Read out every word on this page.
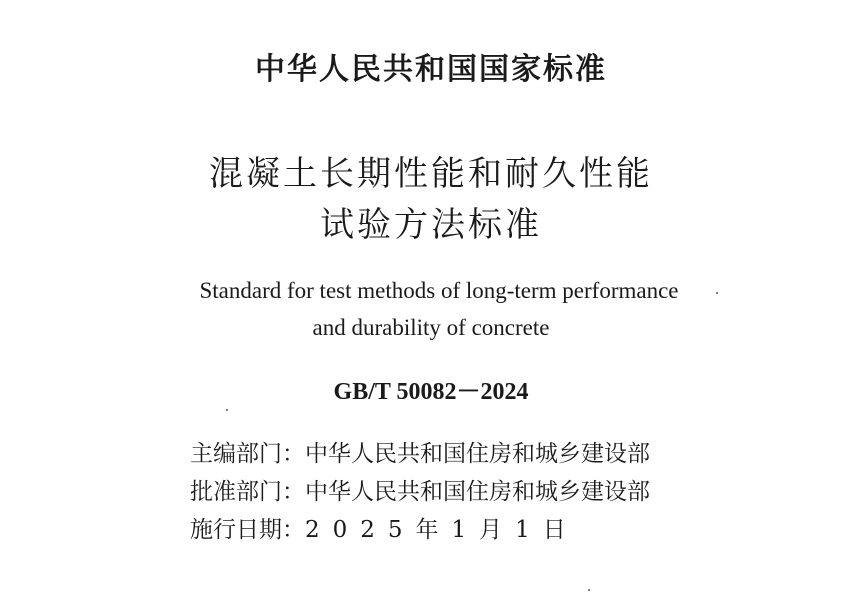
中华人民共和国国家标准
混凝土长期性能和耐久性能
试验方法标准
Standard for test methods of long-term performance
and durability of concrete
GB/T 50082－2024
主编部门：中华人民共和国住房和城乡建设部
批准部门：中华人民共和国住房和城乡建设部
施行日期：2025年1月1日
